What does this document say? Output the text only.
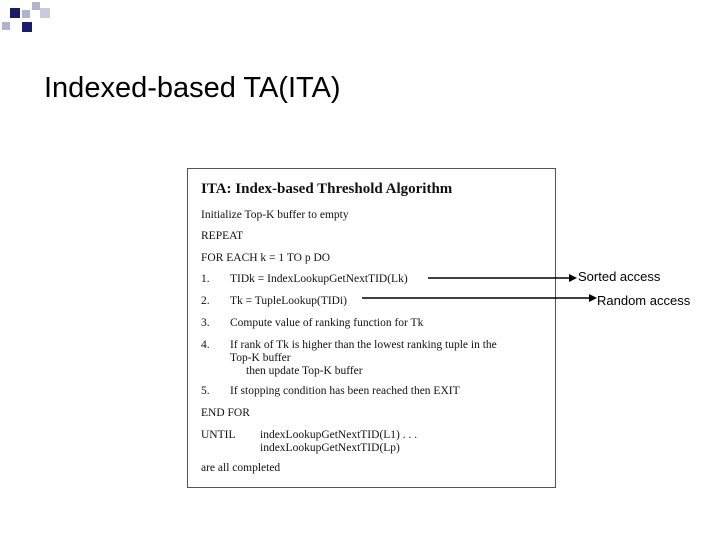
Indexed-based TA(ITA)
ITA: Index-based Threshold Algorithm
Initialize Top-K buffer to empty
REPEAT
FOR EACH k = 1 TO p DO
1. TIDk = IndexLookupGetNextTID(Lk)
2. Tk = TupleLookup(TIDi)
3. Compute value of ranking function for Tk
4. If rank of Tk is higher than the lowest ranking tuple in the
Top-K buffer
then update Top-K buffer
5. If stopping condition has been reached then EXIT
END FOR
UNTIL indexLookupGetNextTID(L1) . . .
indexLookupGetNextTID(Lp)
are all completed
Sorted access
Random access
